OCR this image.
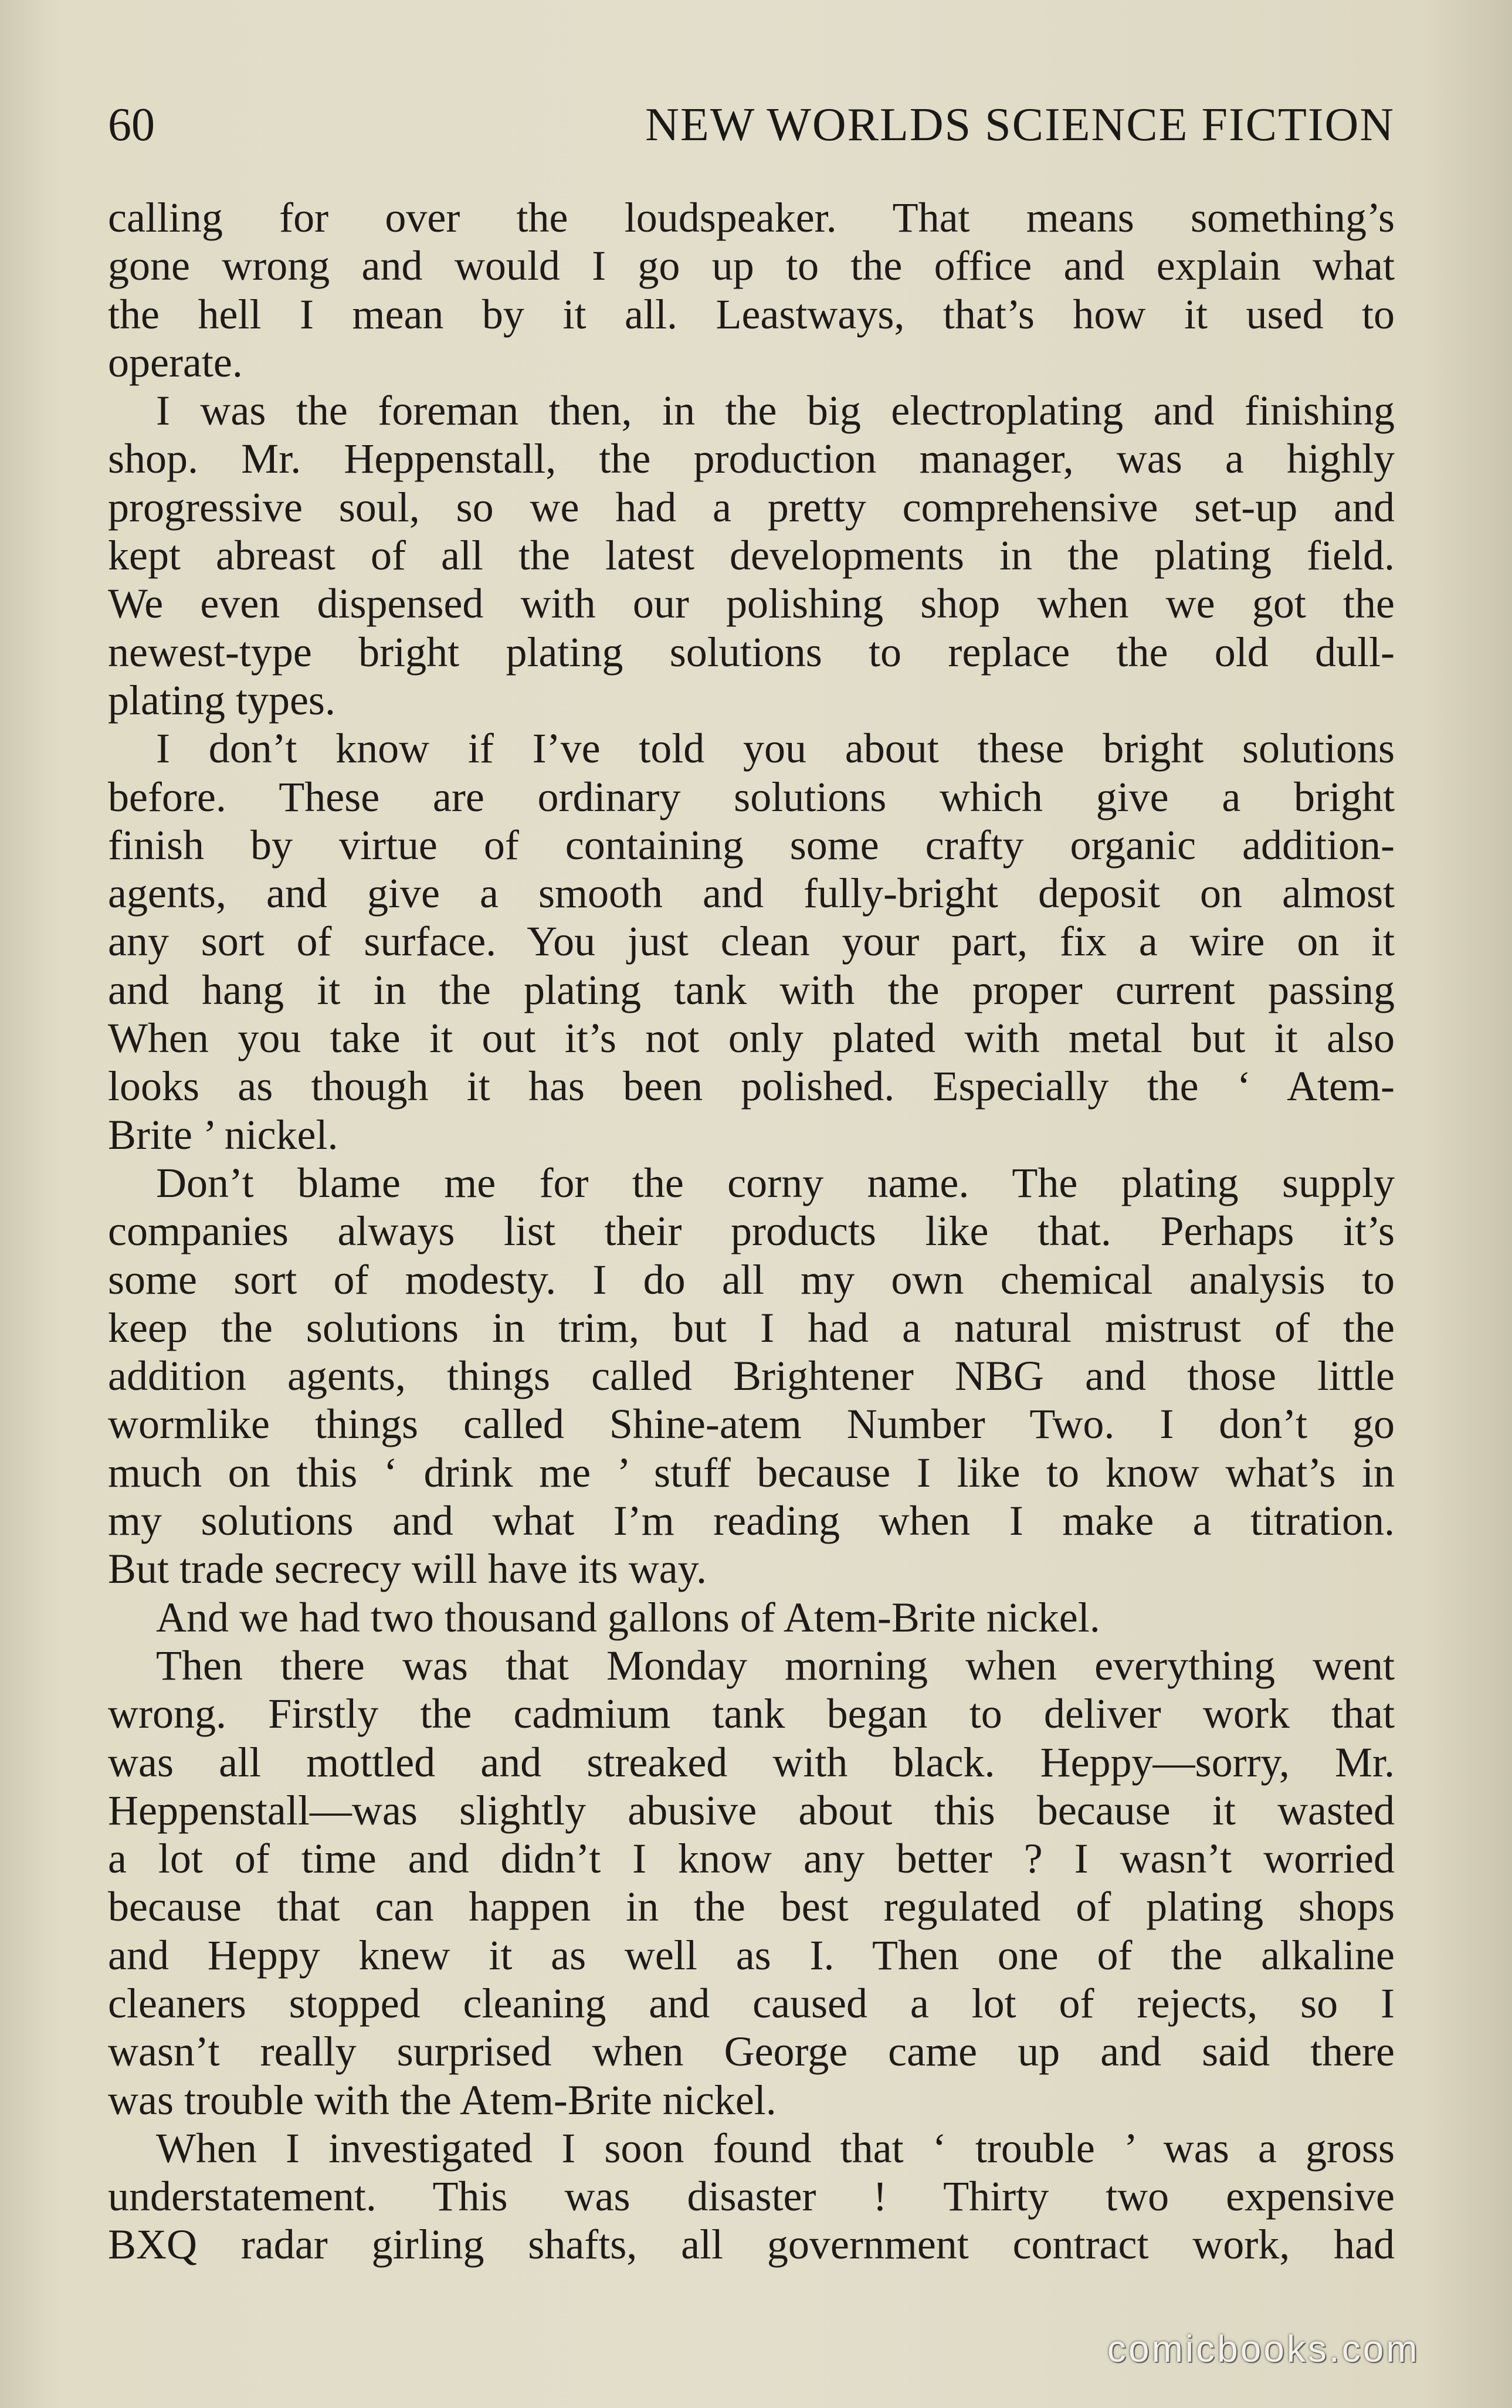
60	NEW WORLDS SCIENCE FICTION
calling for over the loudspeaker. That means something’s
gone wrong and would I go up to the office and explain what
the hell I mean by it all. Leastways, that’s how it used to
operate.
I was the foreman then, in the big electroplating and finishing
shop. Mr. Heppenstall, the production manager, was a highly
progressive soul, so we had a pretty comprehensive set-up and
kept abreast of all the latest developments in the plating field.
We even dispensed with our polishing shop when we got the
newest-type bright plating solutions to replace the old dull-
plating types.
I don’t know if I’ve told you about these bright solutions
before. These are ordinary solutions which give a bright
finish by virtue of containing some crafty organic addition-
agents, and give a smooth and fully-bright deposit on almost
any sort of surface. You just clean your part, fix a wire on it
and hang it in the plating tank with the proper current passing
When you take it out it’s not only plated with metal but it also
looks as though it has been polished. Especially the ‘ Atem-
Brite ’ nickel.
Don’t blame me for the corny name. The plating supply
companies always list their products like that. Perhaps it’s
some sort of modesty. I do all my own chemical analysis to
keep the solutions in trim, but I had a natural mistrust of the
addition agents, things called Brightener NBG and those little
wormlike things called Shine-atem Number Two. I don’t go
much on this ‘ drink me ’ stuff because I like to know what’s in
my solutions and what I’m reading when I make a titration.
But trade secrecy will have its way.
And we had two thousand gallons of Atem-Brite nickel.
Then there was that Monday morning when everything went
wrong. Firstly the cadmium tank began to deliver work that
was all mottled and streaked with black. Heppy—sorry, Mr.
Heppenstall—was slightly abusive about this because it wasted
a lot of time and didn’t I know any better ? I wasn’t worried
because that can happen in the best regulated of plating shops
and Heppy knew it as well as I. Then one of the alkaline
cleaners stopped cleaning and caused a lot of rejects, so I
wasn’t really surprised when George came up and said there
was trouble with the Atem-Brite nickel.
When I investigated I soon found that ‘ trouble ’ was a gross
understatement. This was disaster ! Thirty two expensive
BXQ radar girling shafts, all government contract work, had
comicbooks.com
